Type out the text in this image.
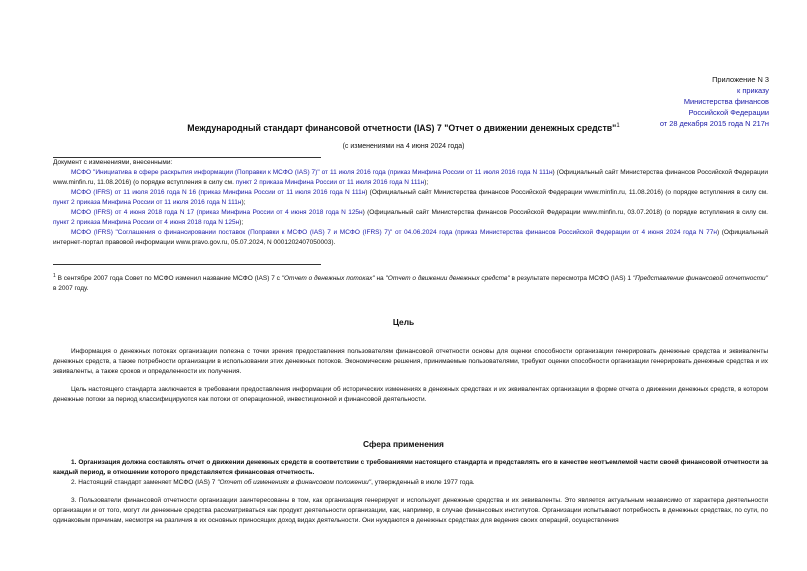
Приложение N 3
к приказу
Министерства финансов
Российской Федерации
от 28 декабря 2015 года N 217н
Международный стандарт финансовой отчетности (IAS) 7 "Отчет о движении денежных средств"$^1$
(с изменениями на 4 июня 2024 года)

Документ с изменениями, внесенными:

МСФО "Инициатива в сфере раскрытия информации (Поправки к МСФО (IAS) 7)" от 11 июля 2016 года (приказ Минфина России от 11 июля 2016 года N 111н) (Официальный сайт Министерства финансов Российской Федерации www.minfin.ru, 11.08.2016) (о порядке вступления в силу см. пункт 2 приказа Минфина России от 11 июля 2016 года N 111н);

МСФО (IFRS) от 11 июля 2016 года N 16 (приказ Минфина России от 11 июля 2016 года N 111н) (Официальный сайт Министерства финансов Российской Федерации www.minfin.ru, 11.08.2016) (о порядке вступления в силу см. пункт 2 приказа Минфина России от 11 июля 2016 года N 111н);

МСФО (IFRS) от 4 июня 2018 года N 17 (приказ Минфина России от 4 июня 2018 года N 125н) (Официальный сайт Министерства финансов Российской Федерации www.minfin.ru, 03.07.2018) (о порядке вступления в силу см. пункт 2 приказа Минфина России от 4 июня 2018 года N 125н);

МСФО (IFRS) "Соглашения о финансировании поставок (Поправки к МСФО (IAS) 7 и МСФО (IFRS) 7)" от 04.06.2024 года (приказ Министерства финансов Российской Федерации от 4 июня 2024 года N 77н) (Официальный интернет-портал правовой информации www.pravo.gov.ru, 05.07.2024, N 0001202407050003).

$^1$ В сентябре 2007 года Совет по МСФО изменил название МСФО (IAS) 7 с "Отчет о денежных потоках" на "Отчет о движении денежных средств" в результате пересмотра МСФО (IAS) 1 "Представление финансовой отчетности" в 2007 году.

Цель

Информация о денежных потоках организации полезна с точки зрения предоставления пользователям финансовой отчетности основы для оценки способности организации генерировать денежные средства и эквиваленты денежных средств, а также потребности организации в использовании этих денежных потоков. Экономические решения, принимаемые пользователями, требуют оценки способности организации генерировать денежные средства и их эквиваленты, а также сроков и определенности их получения.

Цель настоящего стандарта заключается в требовании предоставления информации об исторических изменениях в денежных средствах и их эквивалентах организации в форме отчета о движении денежных средств, в котором денежные потоки за период классифицируются как потоки от операционной, инвестиционной и финансовой деятельности.

Сфера применения

1. Организация должна составлять отчет о движении денежных средств в соответствии с требованиями настоящего стандарта и представлять его в качестве неотъемлемой части своей финансовой отчетности за каждый период, в отношении которого представляется финансовая отчетность.

2. Настоящий стандарт заменяет МСФО (IAS) 7 "Отчет об изменениях в финансовом положении", утвержденный в июле 1977 года.

3. Пользователи финансовой отчетности организации заинтересованы в том, как организация генерирует и использует денежные средства и их эквиваленты. Это является актуальным независимо от характера деятельности организации и от того, могут ли денежные средства рассматриваться как продукт деятельности организации, как, например, в случае финансовых институтов. Организации испытывают потребность в денежных средствах, по сути, по одинаковым причинам, несмотря на различия в их основных приносящих доход видах деятельности. Они нуждаются в денежных средствах для ведения своих операций, осуществления
